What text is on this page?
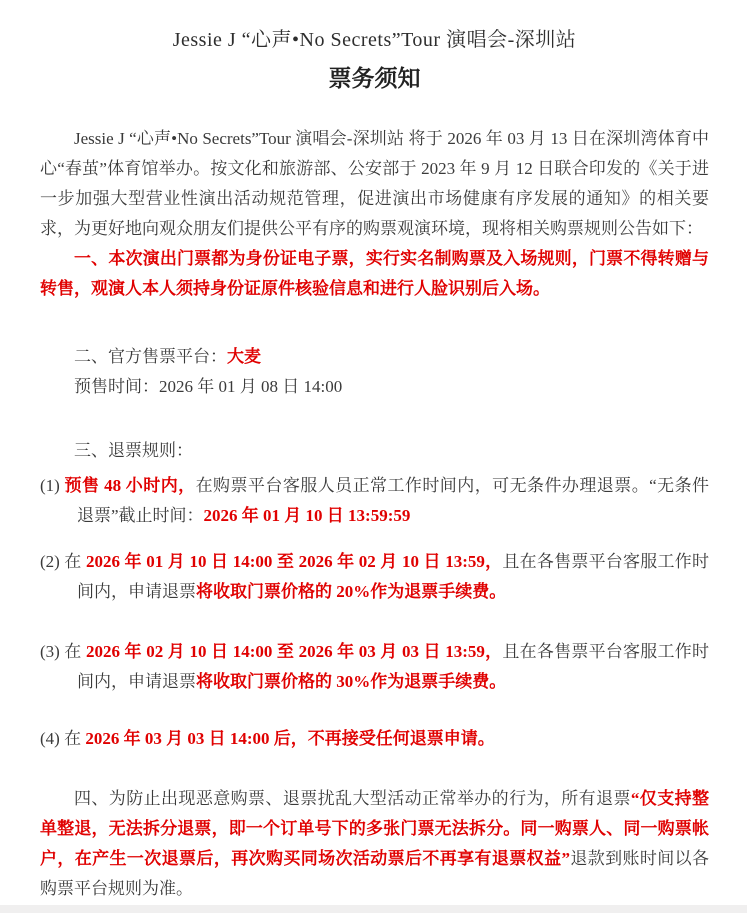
Jessie J “心声•No Secrets”Tour 演唱会-深圳站
票务须知

Jessie J “心声•No Secrets”Tour 演唱会-深圳站 将于 2026 年 03 月 13 日在深圳湾体育中心“春茧”体育馆举办。按文化和旅游部、公安部于 2023 年 9 月 12 日联合印发的《关于进一步加强大型营业性演出活动规范管理，促进演出市场健康有序发展的通知》的相关要求，为更好地向观众朋友们提供公平有序的购票观演环境，现将相关购票规则公告如下：

一、本次演出门票都为身份证电子票，实行实名制购票及入场规则，门票不得转赠与转售，观演人本人须持身份证原件核验信息和进行人脸识别后入场。

二、官方售票平台：大麦

预售时间：2026 年 01 月 08 日 14:00

三、退票规则：

(1) 预售 48 小时内，在购票平台客服人员正常工作时间内，可无条件办理退票。“无条件退票”截止时间：2026 年 01 月 10 日 13:59:59

(2) 在 2026 年 01 月 10 日 14:00 至 2026 年 02 月 10 日 13:59，且在各售票平台客服工作时间内，申请退票将收取门票价格的 20%作为退票手续费。

(3) 在 2026 年 02 月 10 日 14:00 至 2026 年 03 月 03 日 13:59，且在各售票平台客服工作时间内，申请退票将收取门票价格的 30%作为退票手续费。

(4) 在 2026 年 03 月 03 日 14:00 后，不再接受任何退票申请。

四、为防止出现恶意购票、退票扰乱大型活动正常举办的行为，所有退票“仅支持整单整退，无法拆分退票，即一个订单号下的多张门票无法拆分。同一购票人、同一购票帐户，在产生一次退票后，再次购买同场次活动票后不再享有退票权益”退款到账时间以各购票平台规则为准。
